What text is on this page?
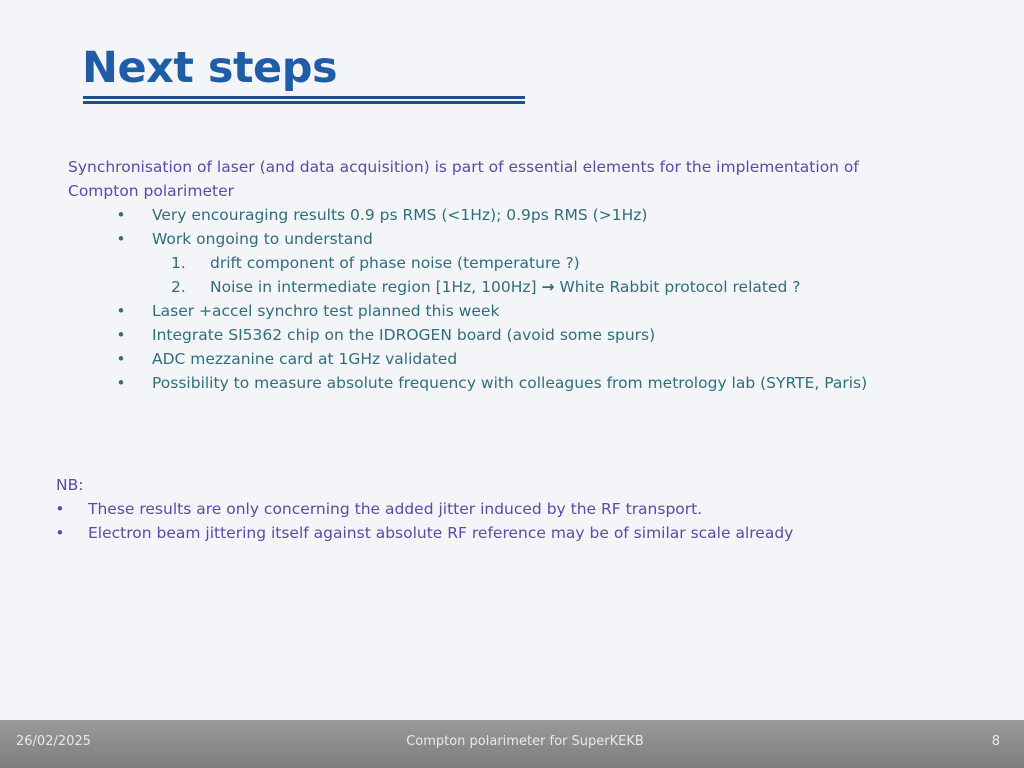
Next steps
Synchronisation of laser (and data acquisition) is part of essential elements for the implementation of
Compton polarimeter
• Very encouraging results 0.9 ps RMS (<1Hz); 0.9ps RMS (>1Hz)
• Work ongoing to understand
1. drift component of phase noise (temperature ?)
2. Noise in intermediate region [1Hz, 100Hz] → White Rabbit protocol related ?
• Laser +accel synchro test planned this week
• Integrate SI5362 chip on the IDROGEN board (avoid some spurs)
• ADC mezzanine card at 1GHz validated
• Possibility to measure absolute frequency with colleagues from metrology lab (SYRTE, Paris)
NB:
• These results are only concerning the added jitter induced by the RF transport.
• Electron beam jittering itself against absolute RF reference may be of similar scale already
26/02/2025	Compton polarimeter for SuperKEKB	8
